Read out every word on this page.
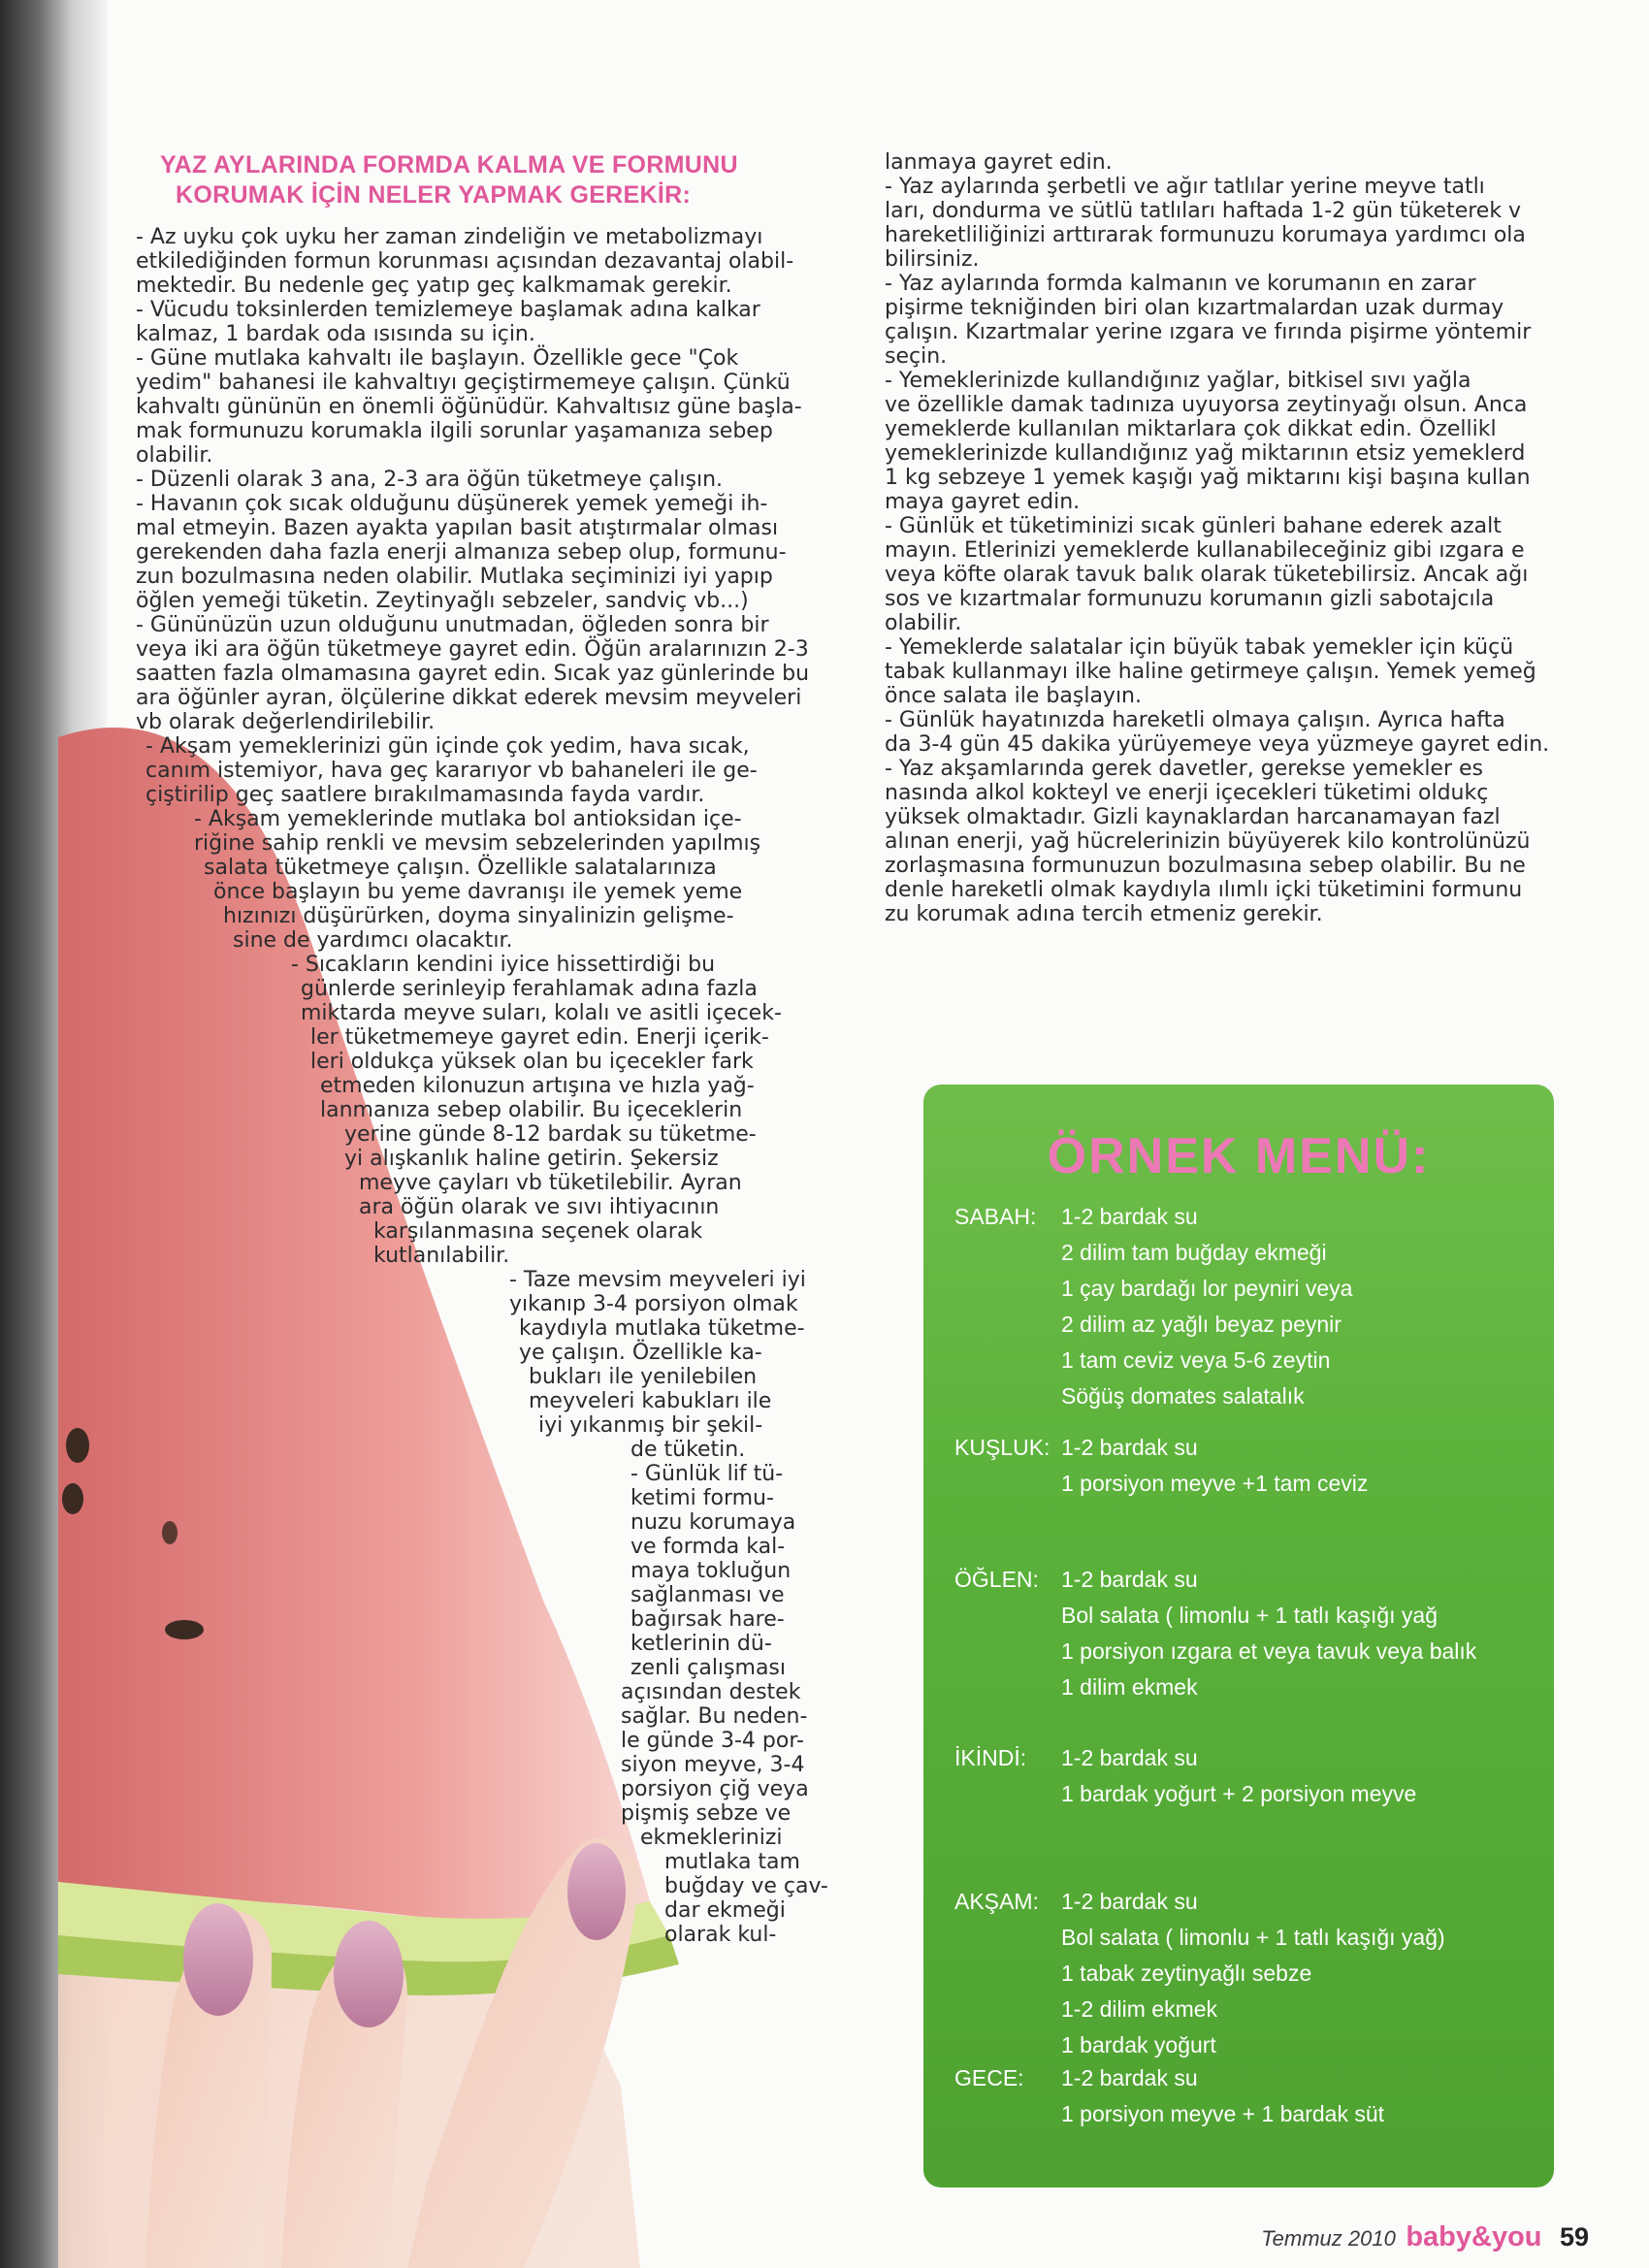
YAZ AYLARINDA FORMDA KALMA VE FORMUNU
KORUMAK İÇİN NELER YAPMAK GEREKİR:

- Az uyku çok uyku her zaman zindeliğin ve metabolizmayı

etkilediğinden formun korunması açısından dezavantaj olabil-

mektedir. Bu nedenle geç yatıp geç kalkmamak gerekir.

- Vücudu toksinlerden temizlemeye başlamak adına kalkar

kalmaz, 1 bardak oda ısısında su için.

- Güne mutlaka kahvaltı ile başlayın. Özellikle gece "Çok

yedim" bahanesi ile kahvaltıyı geçiştirmemeye çalışın. Çünkü

kahvaltı gününün en önemli öğünüdür. Kahvaltısız güne başla-

mak formunuzu korumakla ilgili sorunlar yaşamanıza sebep

olabilir.

- Düzenli olarak 3 ana, 2-3 ara öğün tüketmeye çalışın.

- Havanın çok sıcak olduğunu düşünerek yemek yemeği ih-

mal etmeyin. Bazen ayakta yapılan basit atıştırmalar olması

gerekenden daha fazla enerji almanıza sebep olup, formunu-

zun bozulmasına neden olabilir. Mutlaka seçiminizi iyi yapıp

öğlen yemeği tüketin. Zeytinyağlı sebzeler, sandviç vb...)

- Gününüzün uzun olduğunu unutmadan, öğleden sonra bir

veya iki ara öğün tüketmeye gayret edin. Öğün aralarınızın 2-3

saatten fazla olmamasına gayret edin. Sıcak yaz günlerinde bu

ara öğünler ayran, ölçülerine dikkat ederek mevsim meyveleri

vb olarak değerlendirilebilir.

- Akşam yemeklerinizi gün içinde çok yedim, hava sıcak,

canım istemiyor, hava geç kararıyor vb bahaneleri ile ge-

çiştirilip geç saatlere bırakılmamasında fayda vardır.

- Akşam yemeklerinde mutlaka bol antioksidan içe-

riğine sahip renkli ve mevsim sebzelerinden yapılmış

salata tüketmeye çalışın. Özellikle salatalarınıza

önce başlayın bu yeme davranışı ile yemek yeme

hızınızı düşürürken, doyma sinyalinizin gelişme-

sine de yardımcı olacaktır.

- Sıcakların kendini iyice hissettirdiği bu

günlerde serinleyip ferahlamak adına fazla

miktarda meyve suları, kolalı ve asitli içecek-

ler tüketmemeye gayret edin. Enerji içerik-

leri oldukça yüksek olan bu içecekler fark

etmeden kilonuzun artışına ve hızla yağ-

lanmanıza sebep olabilir. Bu içeceklerin

yerine günde 8-12 bardak su tüketme-

yi alışkanlık haline getirin. Şekersiz

meyve çayları vb tüketilebilir. Ayran

ara öğün olarak ve sıvı ihtiyacının

karşılanmasına seçenek olarak

kutlanılabilir.

- Taze mevsim meyveleri iyi

yıkanıp 3-4 porsiyon olmak

kaydıyla mutlaka tüketme-

ye çalışın. Özellikle ka-

bukları ile yenilebilen

meyveleri kabukları ile

iyi yıkanmış bir şekil-

de tüketin.

- Günlük lif tü-

ketimi formu-

nuzu korumaya

ve formda kal-

maya tokluğun

sağlanması ve

bağırsak hare-

ketlerinin dü-

zenli çalışması

açısından destek

sağlar. Bu neden-

le günde 3-4 por-

siyon meyve, 3-4

porsiyon çiğ veya

pişmiş sebze ve

ekmeklerinizi

mutlaka tam

buğday ve çav-

dar ekmeği

olarak kul-

lanmaya gayret edin.

- Yaz aylarında şerbetli ve ağır tatlılar yerine meyve tatlı

ları, dondurma ve sütlü tatlıları haftada 1-2 gün tüketerek v

hareketliliğinizi arttırarak formunuzu korumaya yardımcı ola

bilirsiniz.

- Yaz aylarında formda kalmanın ve korumanın en zarar

pişirme tekniğinden biri olan kızartmalardan uzak durmay

çalışın. Kızartmalar yerine ızgara ve fırında pişirme yöntemir

seçin.

- Yemeklerinizde kullandığınız yağlar, bitkisel sıvı yağla

ve özellikle damak tadınıza uyuyorsa zeytinyağı olsun. Anca

yemeklerde kullanılan miktarlara çok dikkat edin. Özellikl

yemeklerinizde kullandığınız yağ miktarının etsiz yemeklerd

1 kg sebzeye 1 yemek kaşığı yağ miktarını kişi başına kullan

maya gayret edin.

- Günlük et tüketiminizi sıcak günleri bahane ederek azalt

mayın. Etlerinizi yemeklerde kullanabileceğiniz gibi ızgara e

veya köfte olarak tavuk balık olarak tüketebilirsiz. Ancak ağı

sos ve kızartmalar formunuzu korumanın gizli sabotajcıla

olabilir.

- Yemeklerde salatalar için büyük tabak yemekler için küçü

tabak kullanmayı ilke haline getirmeye çalışın. Yemek yemeğ

önce salata ile başlayın.

- Günlük hayatınızda hareketli olmaya çalışın. Ayrıca hafta

da 3-4 gün 45 dakika yürüyemeye veya yüzmeye gayret edin.

- Yaz akşamlarında gerek davetler, gerekse yemekler es

nasında alkol kokteyl ve enerji içecekleri tüketimi oldukç

yüksek olmaktadır. Gizli kaynaklardan harcanamayan fazl

alınan enerji, yağ hücrelerinizin büyüyerek kilo kontrolünüzü

zorlaşmasına formunuzun bozulmasına sebep olabilir. Bu ne

denle hareketli olmak kaydıyla ılımlı içki tüketimini formunu

zu korumak adına tercih etmeniz gerekir.

ÖRNEK MENÜ:
SABAH: 1-2 bardak su
2 dilim tam buğday ekmeği
1 çay bardağı lor peyniri veya
2 dilim az yağlı beyaz peynir
1 tam ceviz veya 5-6 zeytin
Söğüş domates salatalık
KUŞLUK: 1-2 bardak su
1 porsiyon meyve +1 tam ceviz
ÖĞLEN: 1-2 bardak su
Bol salata ( limonlu + 1 tatlı kaşığı yağ
1 porsiyon ızgara et veya tavuk veya balık
1 dilim ekmek
İKİNDİ: 1-2 bardak su
1 bardak yoğurt + 2 porsiyon meyve
AKŞAM: 1-2 bardak su
Bol salata ( limonlu + 1 tatlı kaşığı yağ)
1 tabak zeytinyağlı sebze
1-2 dilim ekmek
1 bardak yoğurt
GECE: 1-2 bardak su
1 porsiyon meyve + 1 bardak süt
Temmuz 2010 baby&you 59
